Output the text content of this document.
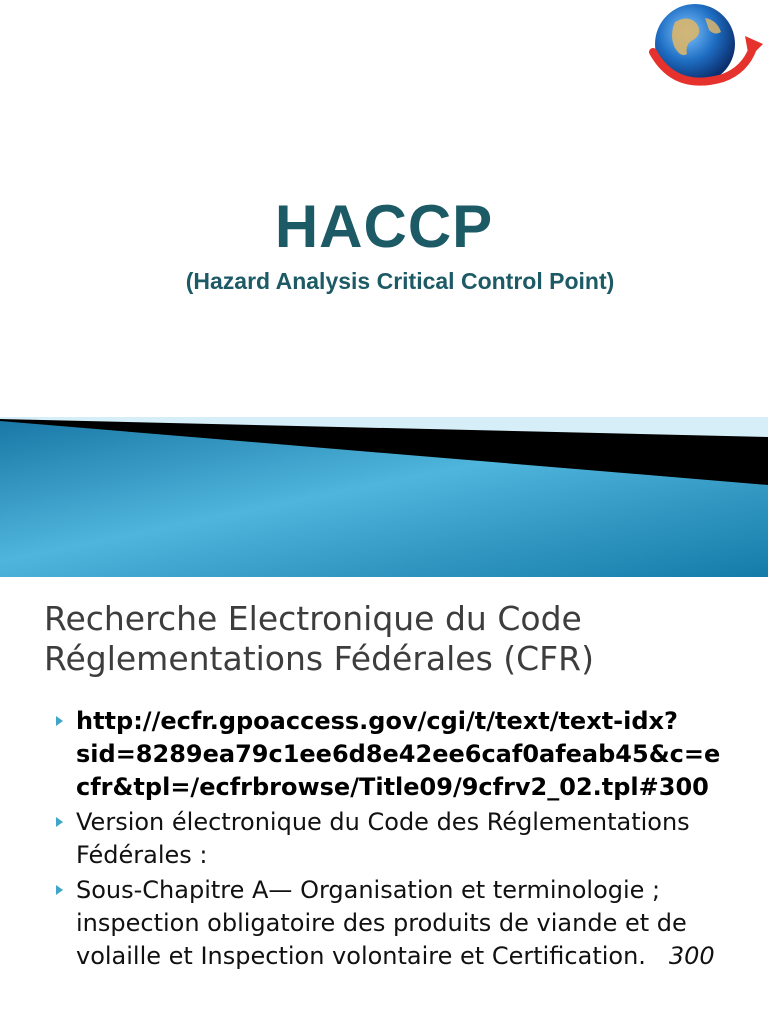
HACCP
(Hazard Analysis Critical Control Point)
Recherche Electronique du Code
Réglementations Fédérales (CFR)
http://ecfr.gpoaccess.gov/cgi/t/text/text-idx?
sid=8289ea79c1ee6d8e42ee6caf0afeab45&c=e
cfr&tpl=/ecfrbrowse/Title09/9cfrv2_02.tpl#300
Version électronique du Code des Réglementations Fédérales :
Sous-Chapitre A— Organisation et terminologie ; inspection obligatoire des produits de viande et de volaille et Inspection volontaire et Certification.   300
